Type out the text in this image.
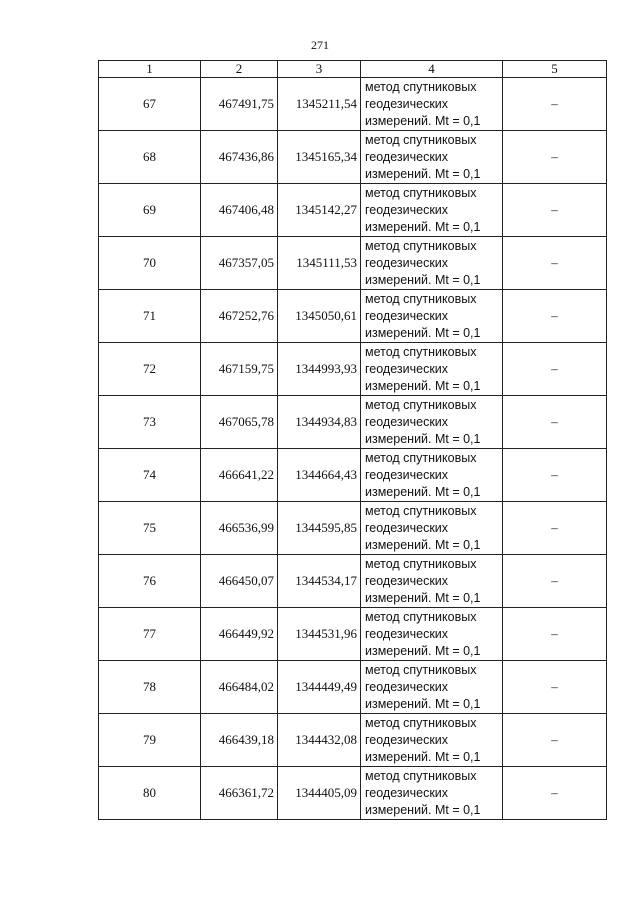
271
1	2	3	4	5
67	467491,75	1345211,54	метод спутниковых
геодезических
измерений. Mt = 0,1	–
68	467436,86	1345165,34	метод спутниковых
геодезических
измерений. Mt = 0,1	–
69	467406,48	1345142,27	метод спутниковых
геодезических
измерений. Mt = 0,1	–
70	467357,05	1345111,53	метод спутниковых
геодезических
измерений. Mt = 0,1	–
71	467252,76	1345050,61	метод спутниковых
геодезических
измерений. Mt = 0,1	–
72	467159,75	1344993,93	метод спутниковых
геодезических
измерений. Mt = 0,1	–
73	467065,78	1344934,83	метод спутниковых
геодезических
измерений. Mt = 0,1	–
74	466641,22	1344664,43	метод спутниковых
геодезических
измерений. Mt = 0,1	–
75	466536,99	1344595,85	метод спутниковых
геодезических
измерений. Mt = 0,1	–
76	466450,07	1344534,17	метод спутниковых
геодезических
измерений. Mt = 0,1	–
77	466449,92	1344531,96	метод спутниковых
геодезических
измерений. Mt = 0,1	–
78	466484,02	1344449,49	метод спутниковых
геодезических
измерений. Mt = 0,1	–
79	466439,18	1344432,08	метод спутниковых
геодезических
измерений. Mt = 0,1	–
80	466361,72	1344405,09	метод спутниковых
геодезических
измерений. Mt = 0,1	–
